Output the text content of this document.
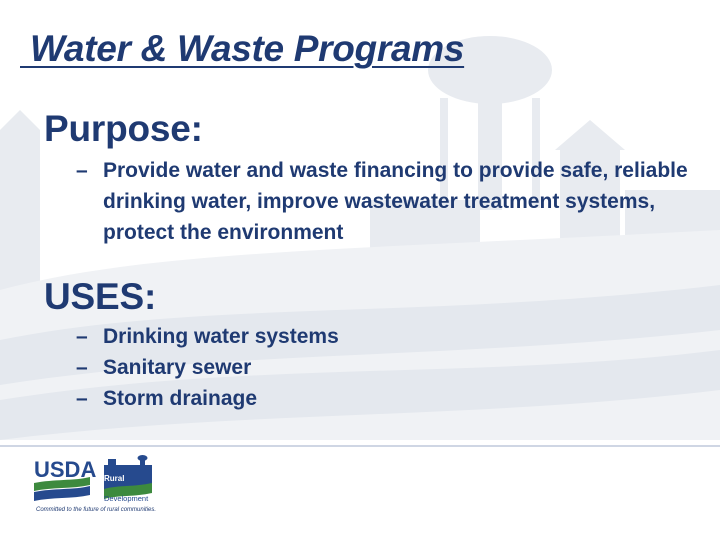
Water & Waste Programs
Purpose:
– Provide water and waste financing to provide safe, reliable drinking water, improve wastewater treatment systems, protect the environment
USES:
– Drinking water systems
– Sanitary sewer
– Storm drainage
USDA Rural
Development
Committed to the future of rural communities.
